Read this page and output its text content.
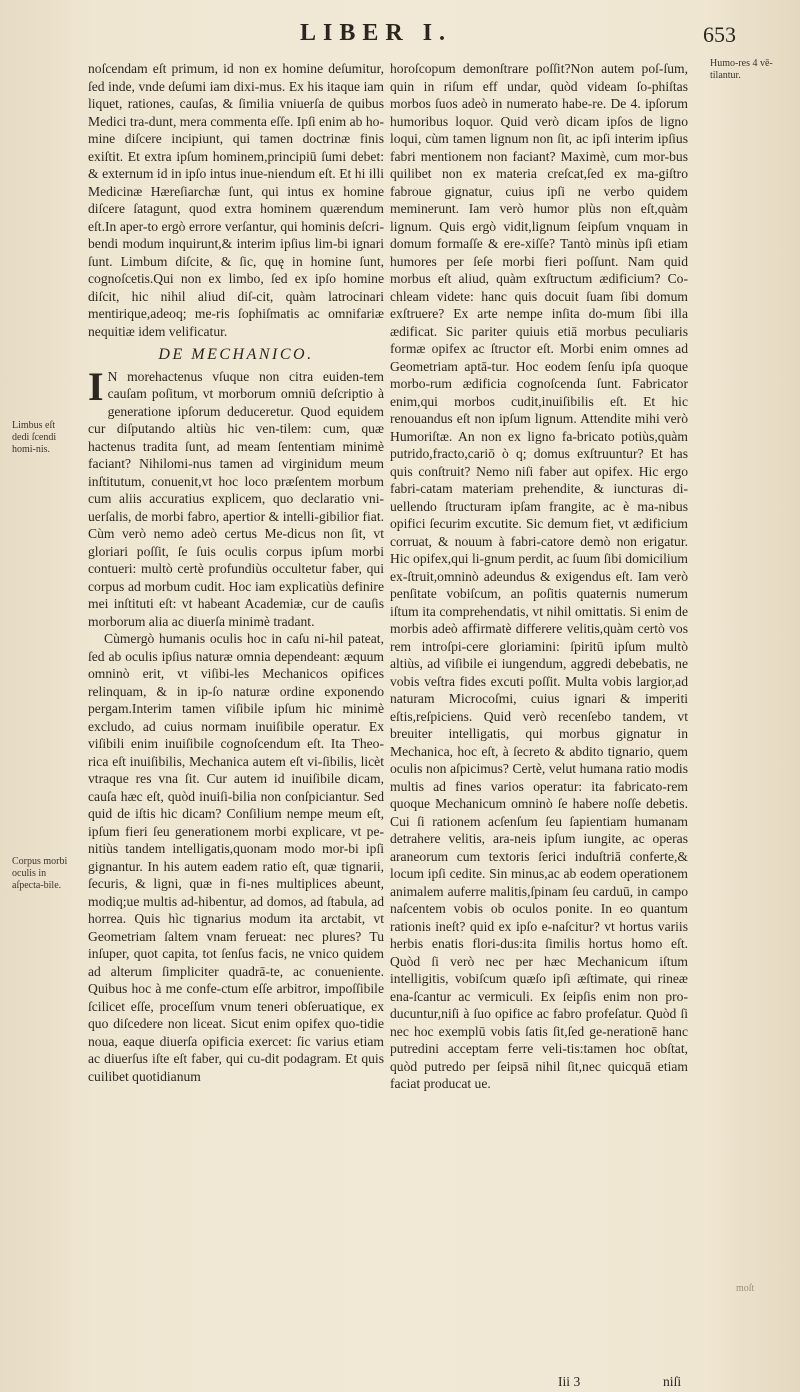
LIBER I.	653
Limbus eſt dedi ſcendi homi-nis.
Corpus morbi oculis in aſpecta-bile.
Humo-res 4 vē-tilantur.
moſt

noſcendam eſt primum, id non ex homine deſumitur, ſed inde, vnde deſumi iam dixi-mus. Ex his itaque iam liquet, rationes, cauſas, & ſimilia vniuerſa de quibus Medici tra-dunt, mera commenta eſſe. Ipſi enim ab ho-mine diſcere incipiunt, qui tamen doctrinæ finis exiſtit. Et extra ipſum hominem,principiū ſumi debet: & externum id in ipſo intus inue-niendum eſt. Et hi illi Medicinæ Hæreſiarchæ ſunt, qui intus ex homine diſcere ſatagunt, quod extra hominem quærendum eſt.In aper-to ergò errore verſantur, qui hominis deſcri-bendi modum inquirunt,& interim ipſius lim-bi ignari ſunt. Limbum diſcite, & ſic, quę in homine ſunt, cognoſcetis.Qui non ex limbo, ſed ex ipſo homine diſcit, hic nihil aliud diſ-cit, quàm latrocinari mentirique,adeoq; me-ris ſophiſmatis ac omnifariæ nequitiæ idem velificatur.

DE MECHANICO.

I N morehactenus vſuque non citra euiden-tem cauſam poſitum, vt morborum omniū deſcriptio à generatione ipſorum deduceretur. Quod equidem cur diſputando altiùs hic ven-tilem: cum, quæ hactenus tradita ſunt, ad meam ſententiam minimè faciant? Nihilomi-nus tamen ad virginidum meum inſtitutum, conuenit,vt hoc loco præſentem morbum cum aliis accuratius explicem, quo declaratio vni-uerſalis, de morbi fabro, apertior & intelli-gibilior fiat. Cùm verò nemo adeò certus Me-dicus non ſit, vt gloriari poſſit, ſe ſuis oculis corpus ipſum morbi contueri: multò certè profundiùs occultetur faber, qui corpus ad morbum cudit. Hoc iam explicatiùs definire mei inſtituti eſt: vt habeant Academiæ, cur de cauſis morborum alia ac diuerſa minimè tradant.

Cùmergò humanis oculis hoc in caſu ni-hil pateat, ſed ab oculis ipſius naturæ omnia dependeant: æquum omninò erit, vt viſibi-les Mechanicos opifices relinquam, & in ip-ſo naturæ ordine exponendo pergam.Interim tamen viſibile ipſum hic minimè excludo, ad cuius normam inuiſibile operatur. Ex viſibili enim inuiſibile cognoſcendum eſt. Ita Theo-rica eſt inuiſibilis, Mechanica autem eſt vi-ſibilis, licèt vtraque res vna ſit. Cur autem id inuiſibile dicam, cauſa hæc eſt, quòd inuiſi-bilia non conſpiciantur. Sed quid de iſtis hic dicam? Conſilium nempe meum eſt, ipſum fieri ſeu generationem morbi explicare, vt pe-nitiùs tandem intelligatis,quonam modo mor-bi ipſi gignantur. In his autem eadem ratio eſt, quæ tignarii, ſecuris, & ligni, quæ in fi-nes multiplices abeunt, modiq;ue multis ad-hibentur, ad domos, ad ſtabula, ad horrea. Quis hìc tignarius modum ita arctabit, vt Geometriam ſaltem vnam ferueat: nec plures? Tu inſuper, quot capita, tot ſenſus facis, ne vnico quidem ad alterum ſimpliciter quadrā-te, ac conueniente. Quibus hoc à me confe-ctum eſſe arbitror, impoſſibile ſcilicet eſſe, proceſſum vnum teneri obſeruatique, ex quo diſcedere non liceat. Sicut enim opifex quo-tidie noua, eaque diuerſa opificia exercet: ſic varius etiam ac diuerſus iſte eſt faber, qui cu-dit podagram. Et quis cuilibet quotidianum

horoſcopum demonſtrare poſſit?Non autem poſ-ſum, quin in riſum eff undar, quòd videam ſo-phiſtas morbos ſuos adeò in numerato habe-re. De 4. ipſorum humoribus loquor. Quid verò dicam ipſos de ligno loqui, cùm tamen lignum non ſit, ac ipſi interim ipſius fabri mentionem non faciant? Maximè, cum mor-bus quilibet non ex materia creſcat,ſed ex ma-giſtro fabroue gignatur, cuius ipſi ne verbo quidem meminerunt. Iam verò humor plùs non eſt,quàm lignum. Quis ergò vidit,lignum ſeipſum vnquam in domum formaſſe & ere-xiſſe? Tantò minùs ipſi etiam humores per ſeſe morbi fieri poſſunt. Nam quid morbus eſt aliud, quàm exſtructum ædificium? Co-chleam videte: hanc quis docuit ſuam ſibi domum exſtruere? Ex arte nempe inſita do-mum ſibi illa ædificat. Sic pariter quiuis etiā morbus peculiaris formæ opifex ac ſtructor eſt. Morbi enim omnes ad Geometriam aptā-tur. Hoc eodem ſenſu ipſa quoque morbo-rum ædificia cognoſcenda ſunt. Fabricator enim,qui morbos cudit,inuiſibilis eſt. Et hic renouandus eſt non ipſum lignum. Attendite mihi verò Humoriſtæ. An non ex ligno fa-bricato potiùs,quàm putrido,fracto,cariō ò q; domus exſtruuntur? Et has quis conſtruit? Nemo niſi faber aut opifex. Hic ergo fabri-catam materiam prehendite, & iuncturas di-uellendo ſtructuram ipſam frangite, ac è ma-nibus opifici ſecurim excutite. Sic demum fiet, vt ædificium corruat, & nouum à fabri-catore demò non erigatur. Hic opifex,qui li-gnum perdit, ac ſuum ſibi domicilium ex-ſtruit,omninò adeundus & exigendus eſt. Iam verò penſitate vobiſcum, an poſitis quaternis numerum iſtum ita comprehendatis, vt nihil omittatis. Si enim de morbis adeò affirmatè differere velitis,quàm certò vos rem introſpi-cere gloriamini: ſpiritū ipſum multò altiùs, ad viſibile ei iungendum, aggredi debebatis, ne vobis veſtra fides excuti poſſit. Multa vobis largior,ad naturam Microcoſmi, cuius ignari & imperiti eſtis,reſpiciens. Quid verò recenſebo tandem, vt breuiter intelligatis, qui morbus gignatur in Mechanica, hoc eſt, à ſecreto & abdito tignario, quem oculis non aſpicimus? Certè, velut humana ratio modis multis ad fines varios operatur: ita fabricato-rem quoque Mechanicum omninò ſe habere noſſe debetis. Cui ſi rationem acſenſum ſeu ſapientiam humanam detrahere velitis, ara-neis ipſum iungite, ac operas araneorum cum textoris ſerici induſtriā conferte,& locum ipſi cedite. Sin minus,ac ab eodem operationem animalem auferre malitis,ſpinam ſeu carduū, in campo naſcentem vobis ob oculos ponite. In eo quantum rationis ineſt? quid ex ipſo e-naſcitur? vt hortus variis herbis enatis flori-dus:ita ſimilis hortus homo eſt. Quòd ſi verò nec per hæc Mechanicum iſtum intelligitis, vobiſcum quæſo ipſi æſtimate, qui rineæ ena-ſcantur ac vermiculi. Ex ſeipſis enim non pro-ducuntur,niſi à ſuo opifice ac fabro profeſatur. Quòd ſi nec hoc exemplū vobis ſatis ſit,ſed ge-nerationē hanc putredini acceptam ferre veli-tis:tamen hoc obſtat, quòd putredo per ſeipsā nihil ſit,nec quicquā etiam faciat producat ue.

Iii 3	niſi
